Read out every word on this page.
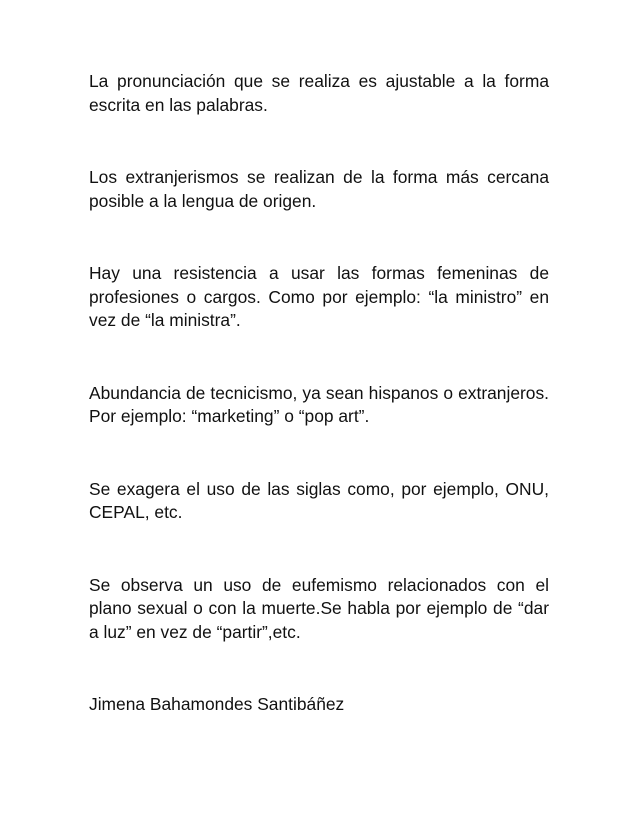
La pronunciación que se realiza es ajustable a la forma escrita en las palabras.

Los extranjerismos se realizan de la forma más cercana posible a la lengua de origen.

Hay una resistencia a usar las formas femeninas de profesiones o cargos. Como por ejemplo: “la ministro” en vez de “la ministra”.

Abundancia de tecnicismo, ya sean hispanos o extranjeros. Por ejemplo: “marketing” o “pop art”.

Se exagera el uso de las siglas como, por ejemplo, ONU, CEPAL, etc.

Se observa un uso de eufemismo relacionados con el plano sexual o con la muerte.Se habla por ejemplo de “dar a luz” en vez de “partir”,etc.

Jimena Bahamondes Santibáñez
